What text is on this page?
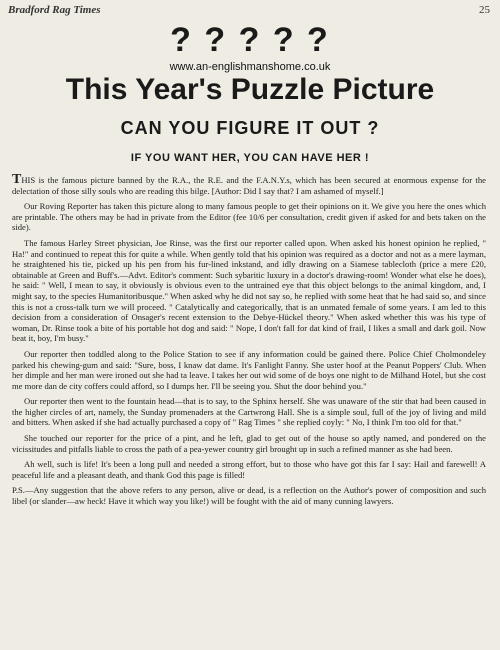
Bradford Rag Times	25
? ? ? ? ?
www.an-englishmanshome.co.uk
This Year's Puzzle Picture
CAN YOU FIGURE IT OUT ?
IF YOU WANT HER, YOU CAN HAVE HER !

THIS is the famous picture banned by the R.A., the R.E. and the F.A.N.Y.s, which has been secured at enormous expense for the delectation of those silly souls who are reading this bilge. [Author: Did I say that? I am ashamed of myself.]

Our Roving Reporter has taken this picture along to many famous people to get their opinions on it. We give you here the ones which are printable. The others may be had in private from the Editor (fee 10/6 per consultation, credit given if asked for and bets taken on the side).

The famous Harley Street physician, Joe Rinse, was the first our reporter called upon. When asked his honest opinion he replied, " Ha!" and continued to repeat this for quite a while. When gently told that his opinion was required as a doctor and not as a mere layman, he straightened his tie, picked up his pen from his fur-lined inkstand, and idly drawing on a Siamese tablecloth (price a mere £20, obtainable at Green and Buff's.—Advt. Editor's comment: Such sybaritic luxury in a doctor's drawing-room! Wonder what else he does), he said: " Well, I mean to say, it obviously is obvious even to the untrained eye that this object belongs to the animal kingdom, and, I might say, to the species Humanitoribusque." When asked why he did not say so, he replied with some heat that he had said so, and since this is not a cross-talk turn we will proceed. " Catalytically and categorically, that is an unmated female of some years. I am led to this decision from a consideration of Onsager's recent extension to the Debye-Hückel theory." When asked whether this was his type of woman, Dr. Rinse took a bite of his portable hot dog and said: " Nope, I don't fall for dat kind of frail, I likes a small and dark goil. Now beat it, boy, I'm busy."

Our reporter then toddled along to the Police Station to see if any information could be gained there. Police Chief Cholmondeley parked his chewing-gum and said: "Sure, boss, I knaw dat dame. It's Fanlight Fanny. She uster hoof at the Peanut Poppers' Club. When her dimple and her man were ironed out she had ta leave. I takes her out wid some of de boys one night to de Milhand Hotel, but she cost me more dan de city coffers could afford, so I dumps her. I'll be seeing you. Shut the door behind you."

Our reporter then went to the fountain head—that is to say, to the Sphinx herself. She was unaware of the stir that had been caused in the higher circles of art, namely, the Sunday promenaders at the Cartwrong Hall. She is a simple soul, full of the joy of living and mild and bitters. When asked if she had actually purchased a copy of " Rag Times " she replied coyly: " No, I think I'm too old for that."

She touched our reporter for the price of a pint, and he left, glad to get out of the house so aptly named, and pondered on the vicissitudes and pitfalls liable to cross the path of a pea-yewer country girl brought up in such a refined manner as she had been.

Ah well, such is life! It's been a long pull and needed a strong effort, but to those who have got this far I say: Hail and farewell! A peaceful life and a pleasant death, and thank God this page is filled!

P.S.—Any suggestion that the above refers to any person, alive or dead, is a reflection on the Author's power of composition and such libel (or slander—aw heck! Have it which way you like!) will be fought with the aid of many cunning lawyers.
